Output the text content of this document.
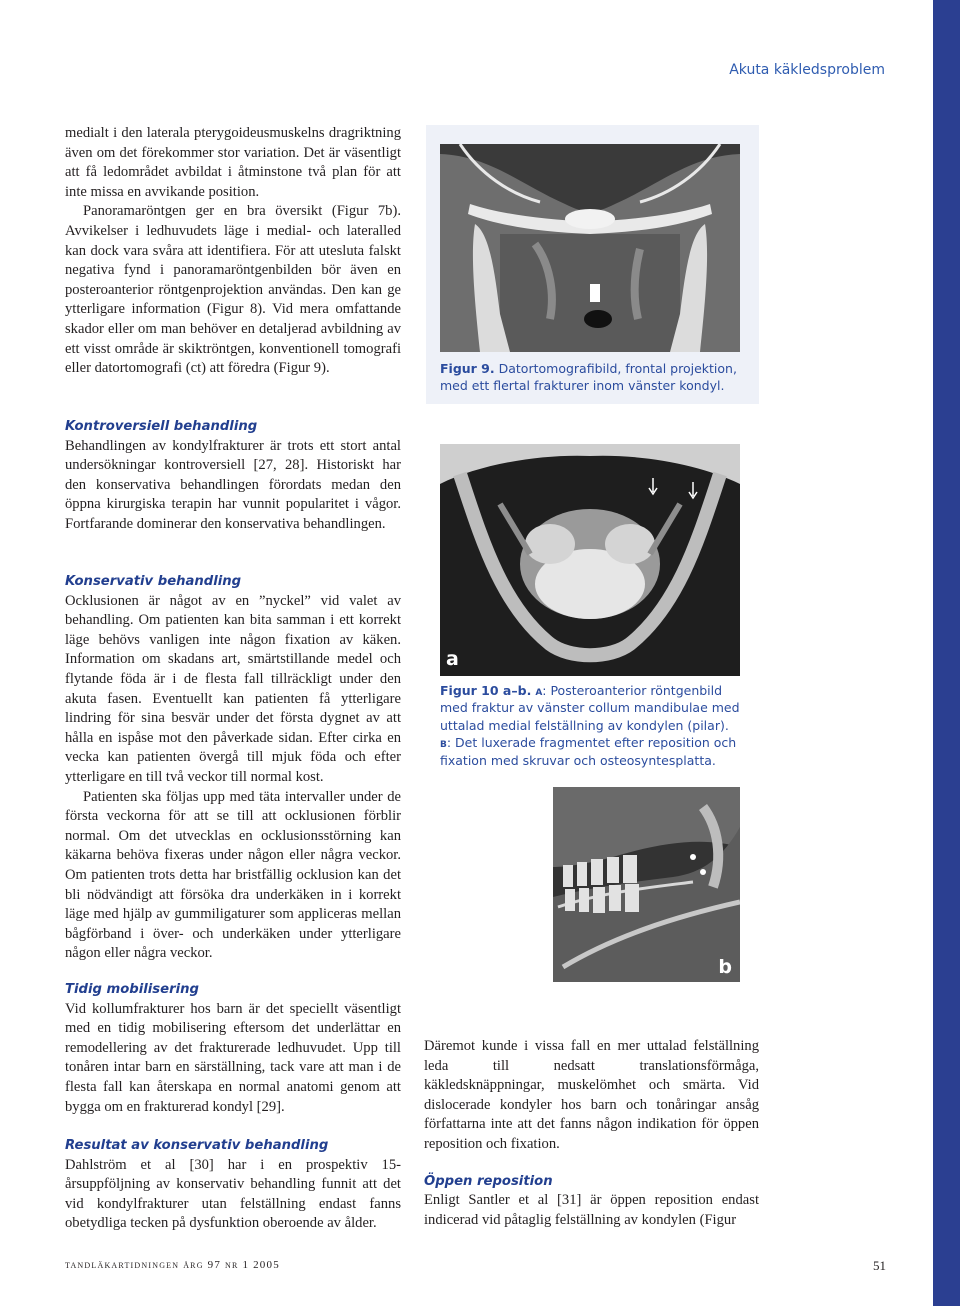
Akuta käkledsproblem

medialt i den laterala pterygoideusmuskelns dragriktning även om det förekommer stor variation. Det är väsentligt att få ledområdet avbildat i åtminstone två plan för att inte missa en avvikande position.

Panoramaröntgen ger en bra översikt (Figur 7b). Avvikelser i ledhuvudets läge i medial- och lateralled kan dock vara svåra att identifiera. För att utesluta falskt negativa fynd i panoramaröntgenbilden bör även en posteroanterior röntgenprojektion användas. Den kan ge ytterligare information (Figur 8). Vid mera omfattande skador eller om man behöver en detaljerad avbildning av ett visst område är skiktröntgen, konventionell tomografi eller datortomografi (ct) att föredra (Figur 9).

Kontroversiell behandling

Behandlingen av kondylfrakturer är trots ett stort antal undersökningar kontroversiell [27, 28]. Historiskt har den konservativa behandlingen förordats medan den öppna kirurgiska terapin har vunnit popularitet i vågor. Fortfarande dominerar den konservativa behandlingen.

Konservativ behandling

Ocklusionen är något av en ”nyckel” vid valet av behandling. Om patienten kan bita samman i ett korrekt läge behövs vanligen inte någon fixation av käken. Information om skadans art, smärtstillande medel och flytande föda är i de flesta fall tillräckligt under den akuta fasen. Eventuellt kan patienten få ytterligare lindring för sina besvär under det första dygnet av att hålla en ispåse mot den påverkade sidan. Efter cirka en vecka kan patienten övergå till mjuk föda och efter ytterligare en till två veckor till normal kost.

Patienten ska följas upp med täta intervaller under de första veckorna för att se till att ocklusionen förblir normal. Om det utvecklas en ocklusionsstörning kan käkarna behöva fixeras under någon eller några veckor. Om patienten trots detta har bristfällig ocklusion kan det bli nödvändigt att försöka dra underkäken in i korrekt läge med hjälp av gummiligaturer som appliceras mellan bågförband i över- och underkäken under ytterligare någon eller några veckor.

Tidig mobilisering

Vid kollumfrakturer hos barn är det speciellt väsentligt med en tidig mobilisering eftersom det underlättar en remodellering av det frakturerade ledhuvudet. Upp till tonåren intar barn en särställning, tack vare att man i de flesta fall kan återskapa en normal anatomi genom att bygga om en frakturerad kondyl [29].

Resultat av konservativ behandling

Dahlström et al [30] har i en prospektiv 15-årsuppföljning av konservativ behandling funnit att det vid kondylfrakturer utan felställning endast fanns obetydliga tecken på dysfunktion oberoende av ålder.

Figur 9. Datortomografibild, frontal projektion, med ett flertal frakturer inom vänster kondyl.
a
Figur 10 a–b. a: Posteroanterior röntgenbild med fraktur av vänster collum mandibulae med uttalad medial felställning av kondylen (pilar). b: Det luxerade fragmentet efter reposition och fixation med skruvar och osteosyntesplatta.
b

Däremot kunde i vissa fall en mer uttalad felställning leda till nedsatt translationsförmåga, käkledsknäppningar, muskelömhet och smärta. Vid dislocerade kondyler hos barn och tonåringar ansåg författarna inte att det fanns någon indikation för öppen reposition och fixation.

Öppen reposition

Enligt Santler et al [31] är öppen reposition endast indicerad vid påtaglig felställning av kondylen (Figur

tandläkartidningen årg 97 nr 1 2005	51
